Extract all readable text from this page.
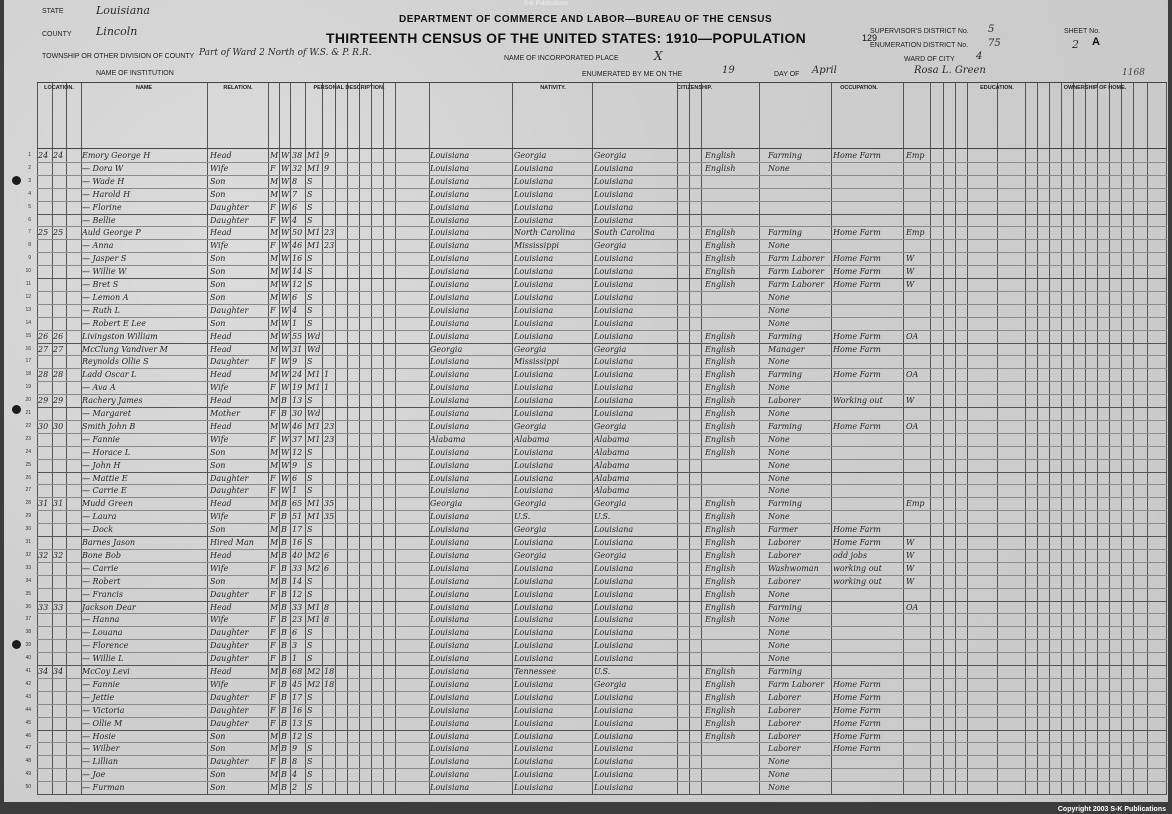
S-K Publications
STATE	Louisiana
COUNTY Lincoln
TOWNSHIP OR OTHER DIVISION OF COUNTY Part of Ward 2 North of W.S. & P. R.R.
NAME OF INSTITUTION
DEPARTMENT OF COMMERCE AND LABOR—BUREAU OF THE CENSUS
THIRTEENTH CENSUS OF THE UNITED STATES: 1910—POPULATION	129
NAME OF INCORPORATED PLACE	X
ENUMERATED BY ME ON THE	19	DAY OF April
SUPERVISOR'S DISTRICT No. 5
ENUMERATION DISTRICT No. 75
WARD OF CITY 4
Rosa L. Green
SHEET No.
2 A
1168
LOCATION.	NAME	RELATION.	PERSONAL DESCRIPTION.	NATIVITY.	CITIZENSHIP.	OCCUPATION.	EDUCATION.	OWNERSHIP OF HOME.
1 24 24	Emory George H	Head	M W 38 M1 9	Louisiana	Georgia	Georgia	English	Farming	Home Farm	Emp
2	— Dora W	Wife	F W 32 M1 9	Louisiana	Louisiana	Louisiana	English	None
3	— Wade H	Son	M W 8	S	Louisiana	Louisiana	Louisiana
4	— Harold H	Son	M W 7	S	Louisiana	Louisiana	Louisiana
5	— Florine	Daughter	F W 6	S	Louisiana	Louisiana	Louisiana
6	— Bellie	Daughter	F W 4	S	Louisiana	Louisiana	Louisiana
7 25 25	Auld George P	Head	M W 50 M1 23	Louisiana	North Carolina	South Carolina	English	Farming	Home Farm	Emp
8	— Anna	Wife	F W 46 M1 23	Louisiana	Mississippi	Georgia	English	None
9	— Jasper S	Son	M W 16 S	Louisiana	Louisiana	Louisiana	English	Farm Laborer	Home Farm	W
10	— Willie W	Son	M W 14 S	Louisiana	Louisiana	Louisiana	English	Farm Laborer	Home Farm	W
11	— Bret S	Son	M W 12 S	Louisiana	Louisiana	Louisiana	English	Farm Laborer	Home Farm	W
12	— Lemon A	Son	M W 6	S	Louisiana	Louisiana	Louisiana	None
13	— Ruth L	Daughter	F W 4	S	Louisiana	Louisiana	Louisiana	None
14	— Robert E Lee	Son	M W 1	S	Louisiana	Louisiana	Louisiana	None
15 26 26	Livingston William	Head	M W 55 Wd	Louisiana	Louisiana	Louisiana	English	Farming	Home Farm	OA
16 27 27	McClung Vandiver M	Head	M W 31 Wd	Georgia	Georgia	Georgia	English	Manager	Home Farm
17	Reynolds Ollie S	Daughter	F W 9	S	Louisiana	Mississippi	Louisiana	English	None
18 28 28	Ladd Oscar L	Head	M W 24 M1 1	Louisiana	Louisiana	Louisiana	English	Farming	Home Farm	OA
19	— Ava A	Wife	F W 19 M1 1	Louisiana	Louisiana	Louisiana	English	None
20 29 29	Rachery James	Head	M B 13 S	Louisiana	Louisiana	Louisiana	English	Laborer	Working out	W
21	— Margaret	Mother	F B 30 Wd	Louisiana	Louisiana	Louisiana	English	None
22 30 30	Smith John B	Head	M W 46 M1 23	Louisiana	Georgia	Georgia	English	Farming	Home Farm	OA
23	— Fannie	Wife	F W 37 M1 23	Alabama	Alabama	Alabama	English	None
24	— Horace L	Son	M W 12 S	Louisiana	Louisiana	Alabama	English	None
25	— John H	Son	M W 9	S	Louisiana	Louisiana	Alabama	None
26	— Mattie E	Daughter	F W 6	S	Louisiana	Louisiana	Alabama	None
27	— Carrie E	Daughter	F W 1	S	Louisiana	Louisiana	Alabama	None
28 31 31	Mudd Green	Head	M B 65 M1 35	Georgia	Georgia	Georgia	English	Farming	Emp
29	— Laura	Wife	F B 51 M1 35	Louisiana	U.S.	U.S.	English	None
30	— Dock	Son	M B 17 S	Louisiana	Georgia	Louisiana	English	Farmer	Home Farm
31	Barnes Jason	Hired Man	M B 16 S	Louisiana	Louisiana	Louisiana	English	Laborer	Home Farm	W
32 32 32	Bone Bob	Head	M B 40 M2 6	Louisiana	Georgia	Georgia	English	Laborer	odd jobs	W
33	— Carrie	Wife	F B 33 M2 6	Louisiana	Louisiana	Louisiana	English	Washwoman	working out	W
34	— Robert	Son	M B 14 S	Louisiana	Louisiana	Louisiana	English	Laborer	working out	W
35	— Francis	Daughter	F B 12 S	Louisiana	Louisiana	Louisiana	English	None
36 33 33	Jackson Dear	Head	M B 33 M1 8	Louisiana	Louisiana	Louisiana	English	Farming	OA
37	— Hanna	Wife	F B 23 M1 8	Louisiana	Louisiana	Louisiana	English	None
38	— Louana	Daughter	F B 6	S	Louisiana	Louisiana	Louisiana	None
39	— Florence	Daughter	F B 3	S	Louisiana	Louisiana	Louisiana	None
40	— Willie L	Daughter	F B 1	S	Louisiana	Louisiana	Louisiana	None
41 34 34	McCoy Levi	Head	M B 68 M2 18	Louisiana	Tennessee	U.S.	English	Farming
42	— Fannie	Wife	F B 45 M2 18	Louisiana	Louisiana	Georgia	English	Farm Laborer	Home Farm
43	— Jettie	Daughter	F B 17 S	Louisiana	Louisiana	Louisiana	English	Laborer	Home Farm
44	— Victoria	Daughter	F B 16 S	Louisiana	Louisiana	Louisiana	English	Laborer	Home Farm
45	— Ollie M	Daughter	F B 13 S	Louisiana	Louisiana	Louisiana	English	Laborer	Home Farm
46	— Hosie	Son	M B 12 S	Louisiana	Louisiana	Louisiana	English	Laborer	Home Farm
47	— Wilber	Son	M B 9	S	Louisiana	Louisiana	Louisiana	Laborer	Home Farm
48	— Lillian	Daughter	F B 8	S	Louisiana	Louisiana	Louisiana	None
49	— Joe	Son	M B 4	S	Louisiana	Louisiana	Louisiana	None
50	— Furman	Son	M B 2	S	Louisiana	Louisiana	Louisiana	None
Copyright 2003 S-K Publications
